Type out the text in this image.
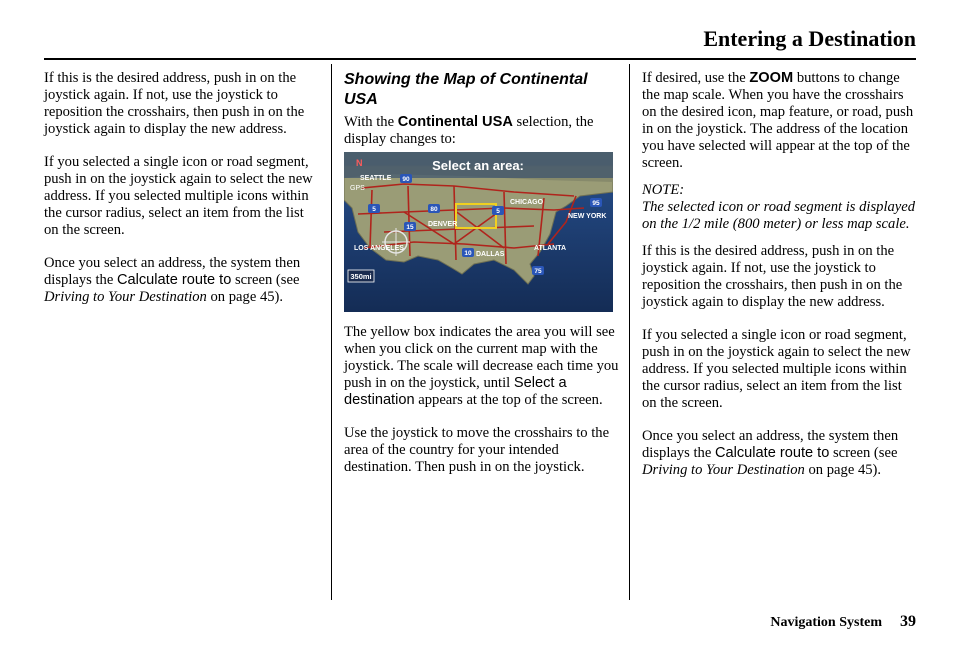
Entering a Destination

If this is the desired address, push in on the joystick again. If not, use the joystick to reposition the crosshairs, then push in on the joystick again to display the new address.

If you selected a single icon or road segment, push in on the joystick again to select the new address. If you selected multiple icons within the cursor radius, select an item from the list on the screen.

Once you select an address, the system then displays the Calculate route to screen (see Driving to Your Destination on page 45).

Showing the Map of Continental USA

With the Continental USA selection, the display changes to:

Select an area:
N
GPS
SEATTLE
CHICAGO
NEW YORK
DENVER
LOS ANGELES
DALLAS
ATLANTA
90
95
5	80	5
15
10
75
350mi

The yellow box indicates the area you will see when you click on the current map with the joystick. The scale will decrease each time you push in on the joystick, until Select a destination appears at the top of the screen.

Use the joystick to move the crosshairs to the area of the country for your intended destination. Then push in on the joystick.

If desired, use the ZOOM buttons to change the map scale. When you have the crosshairs on the desired icon, map feature, or road, push in on the joystick. The address of the location you have selected will appear at the top of the screen.

NOTE:

The selected icon or road segment is displayed on the 1/2 mile (800 meter) or less map scale.

If this is the desired address, push in on the joystick again. If not, use the joystick to reposition the crosshairs, then push in on the joystick again to display the new address.

If you selected a single icon or road segment, push in on the joystick again to select the new address. If you selected multiple icons within the cursor radius, select an item from the list on the screen.

Once you select an address, the system then displays the Calculate route to screen (see Driving to Your Destination on page 45).

Navigation System 39
